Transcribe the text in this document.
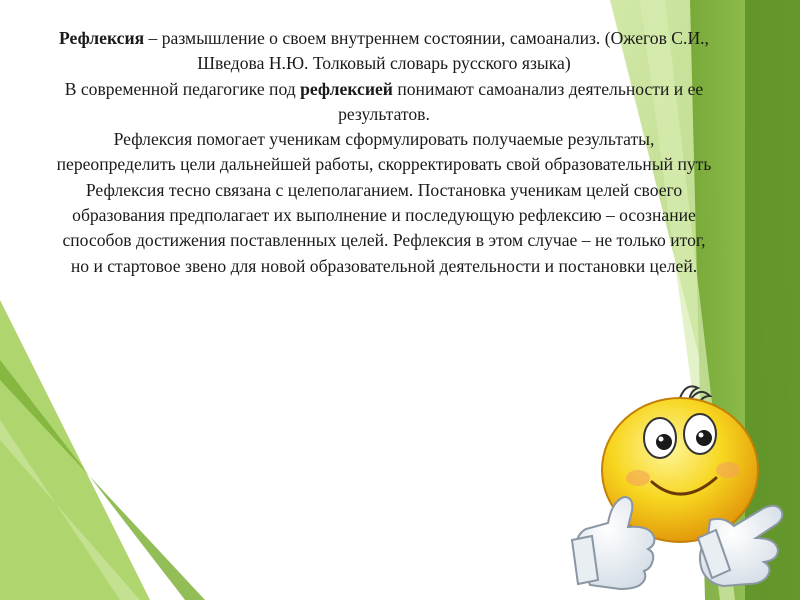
Рефлексия – размышление о своем внутреннем состоянии, самоанализ. (Ожегов С.И., Шведова Н.Ю. Толковый словарь русского языка)

В современной педагогике под рефлексией понимают самоанализ деятельности и ее результатов.

Рефлексия помогает ученикам сформулировать получаемые результаты, переопределить цели дальнейшей работы, скорректировать свой образовательный путь

Рефлексия тесно связана с целеполаганием. Постановка ученикам целей своего образования предполагает их выполнение и последующую рефлексию – осознание способов достижения поставленных целей. Рефлексия в этом случае – не только итог, но и стартовое звено для новой образовательной деятельности и постановки целей.
